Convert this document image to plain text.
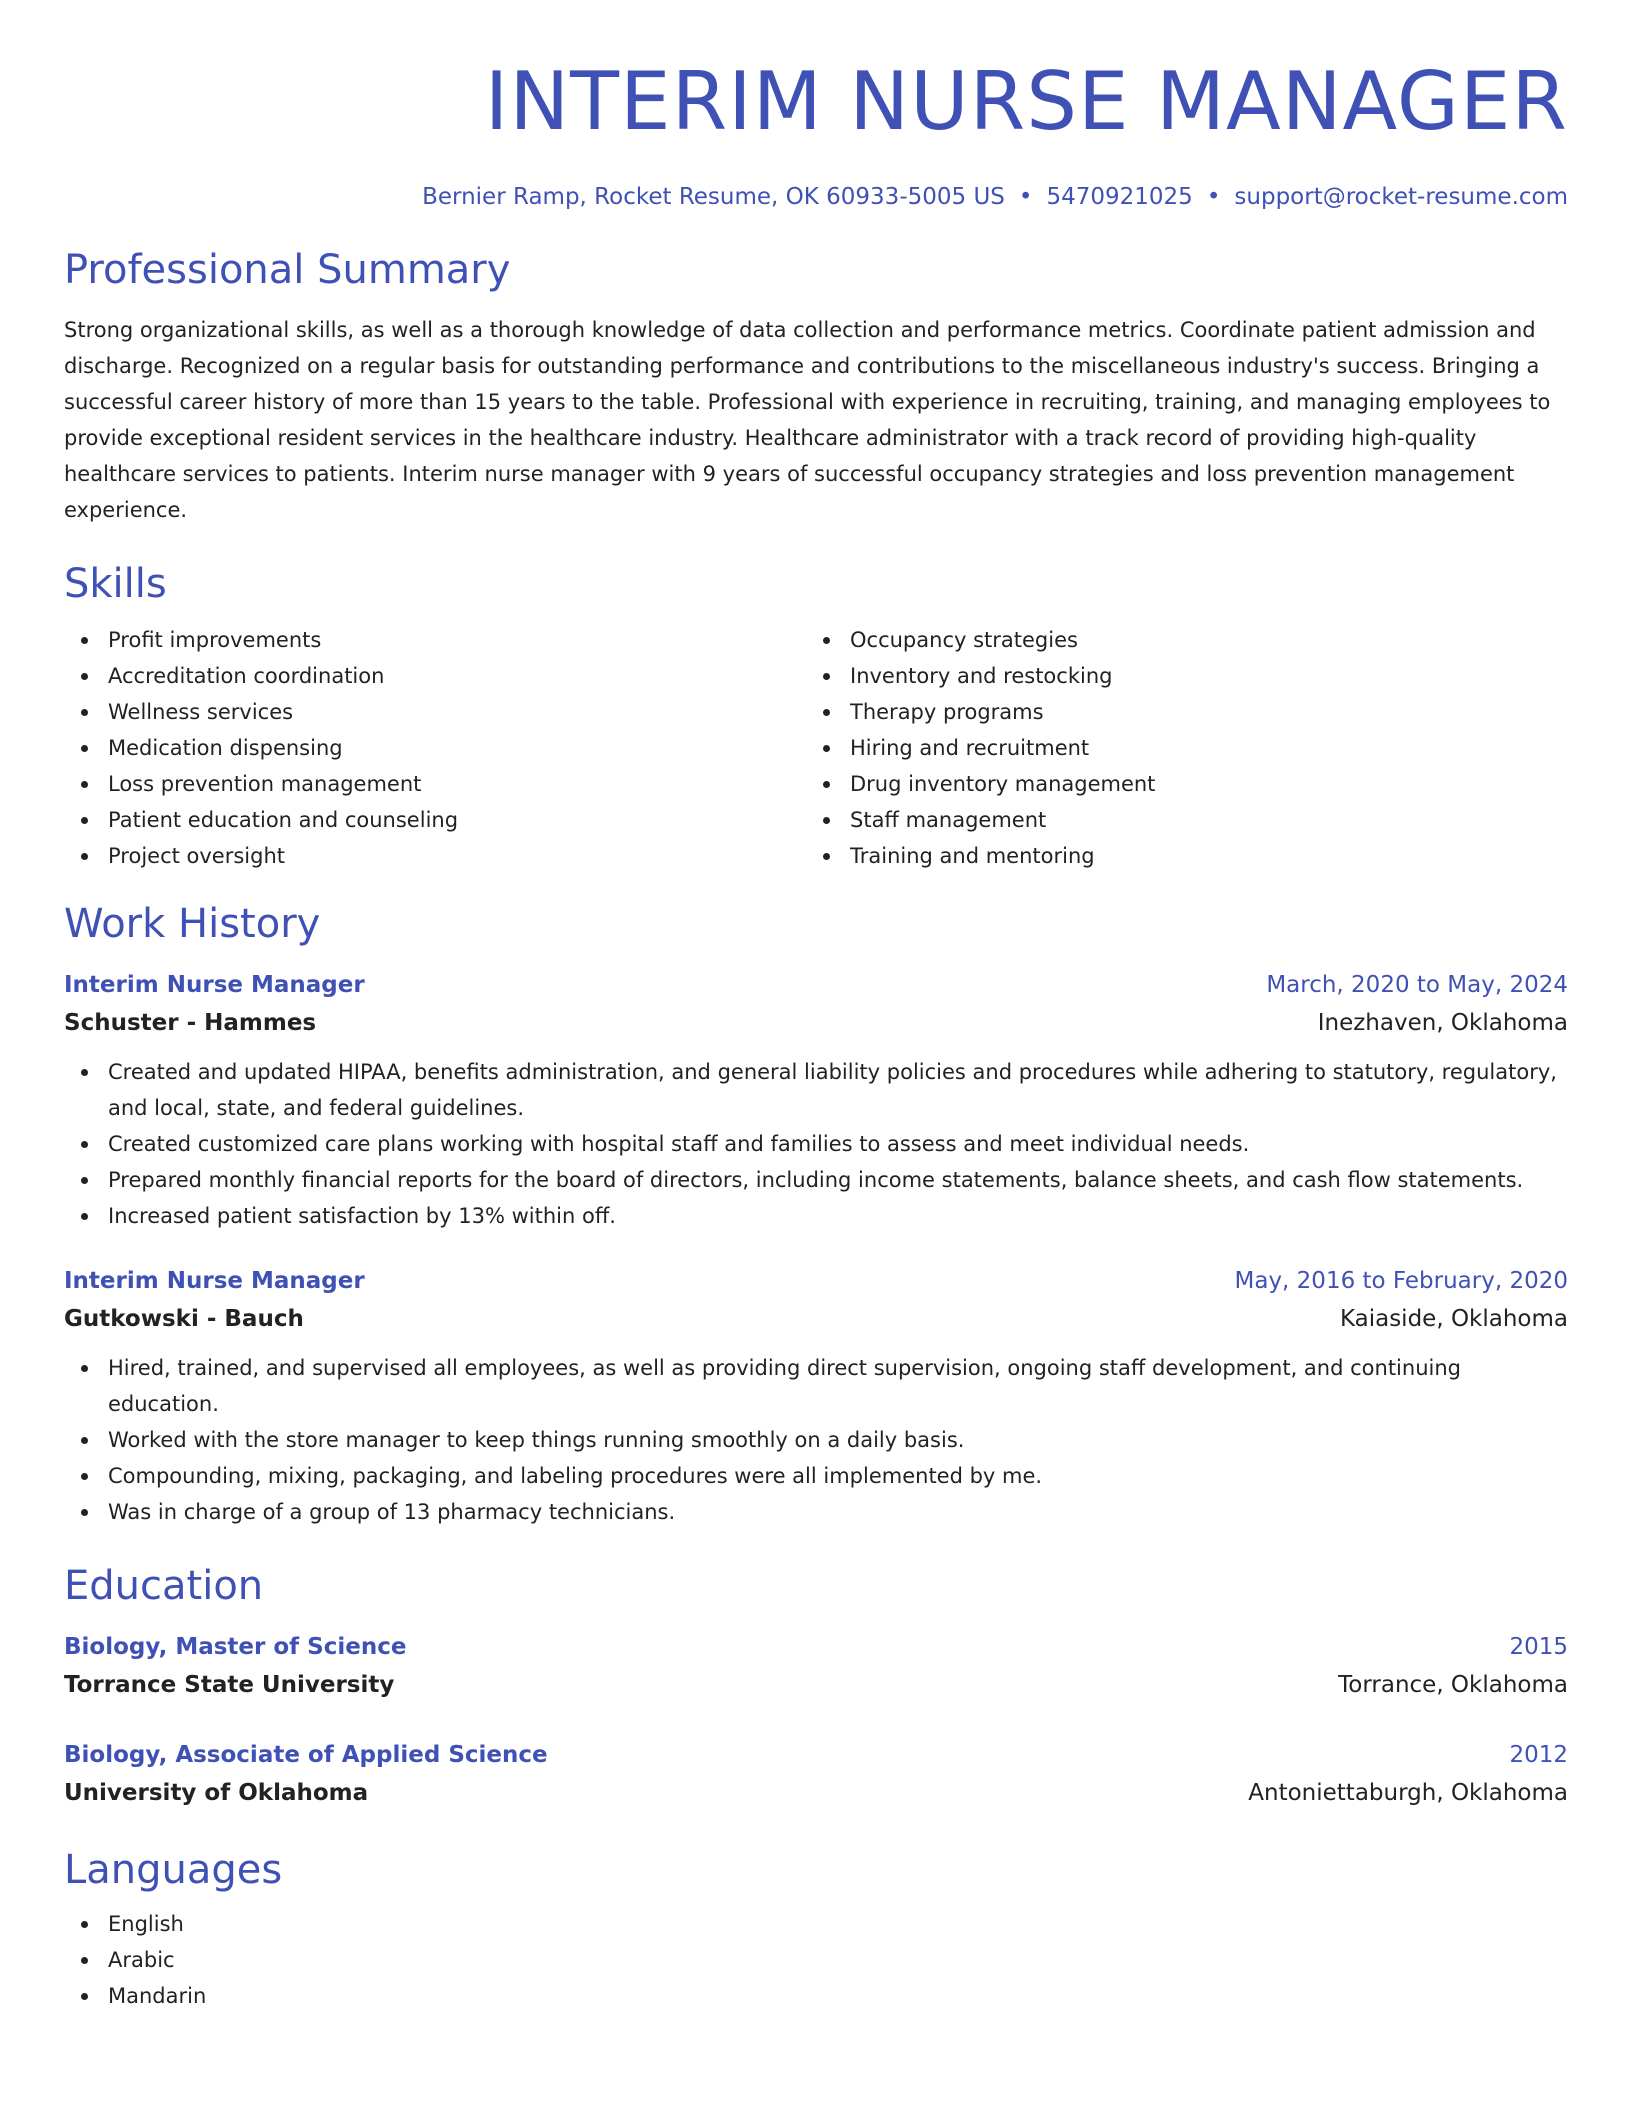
INTERIM NURSE MANAGER
Bernier Ramp, Rocket Resume, OK 60933-5005 US • 5470921025 • support@rocket-resume.com
Professional Summary
Strong organizational skills, as well as a thorough knowledge of data collection and performance metrics. Coordinate patient admission and discharge. Recognized on a regular basis for outstanding performance and contributions to the miscellaneous industry's success. Bringing a successful career history of more than 15 years to the table. Professional with experience in recruiting, training, and managing employees to provide exceptional resident services in the healthcare industry. Healthcare administrator with a track record of providing high-quality healthcare services to patients. Interim nurse manager with 9 years of successful occupancy strategies and loss prevention management experience.
Skills
Profit improvements
Accreditation coordination
Wellness services
Medication dispensing
Loss prevention management
Patient education and counseling
Project oversight
Occupancy strategies
Inventory and restocking
Therapy programs
Hiring and recruitment
Drug inventory management
Staff management
Training and mentoring
Work History
Interim Nurse Manager	March, 2020 to May, 2024
Schuster - Hammes	Inezhaven, Oklahoma
Created and updated HIPAA, benefits administration, and general liability policies and procedures while adhering to statutory, regulatory, and local, state, and federal guidelines.
Created customized care plans working with hospital staff and families to assess and meet individual needs.
Prepared monthly financial reports for the board of directors, including income statements, balance sheets, and cash flow statements.
Increased patient satisfaction by 13% within off.
Interim Nurse Manager	May, 2016 to February, 2020
Gutkowski - Bauch	Kaiaside, Oklahoma
Hired, trained, and supervised all employees, as well as providing direct supervision, ongoing staff development, and continuing education.
Worked with the store manager to keep things running smoothly on a daily basis.
Compounding, mixing, packaging, and labeling procedures were all implemented by me.
Was in charge of a group of 13 pharmacy technicians.
Education
Biology, Master of Science	2015
Torrance State University	Torrance, Oklahoma
Biology, Associate of Applied Science	2012
University of Oklahoma	Antoniettaburgh, Oklahoma
Languages
English
Arabic
Mandarin
